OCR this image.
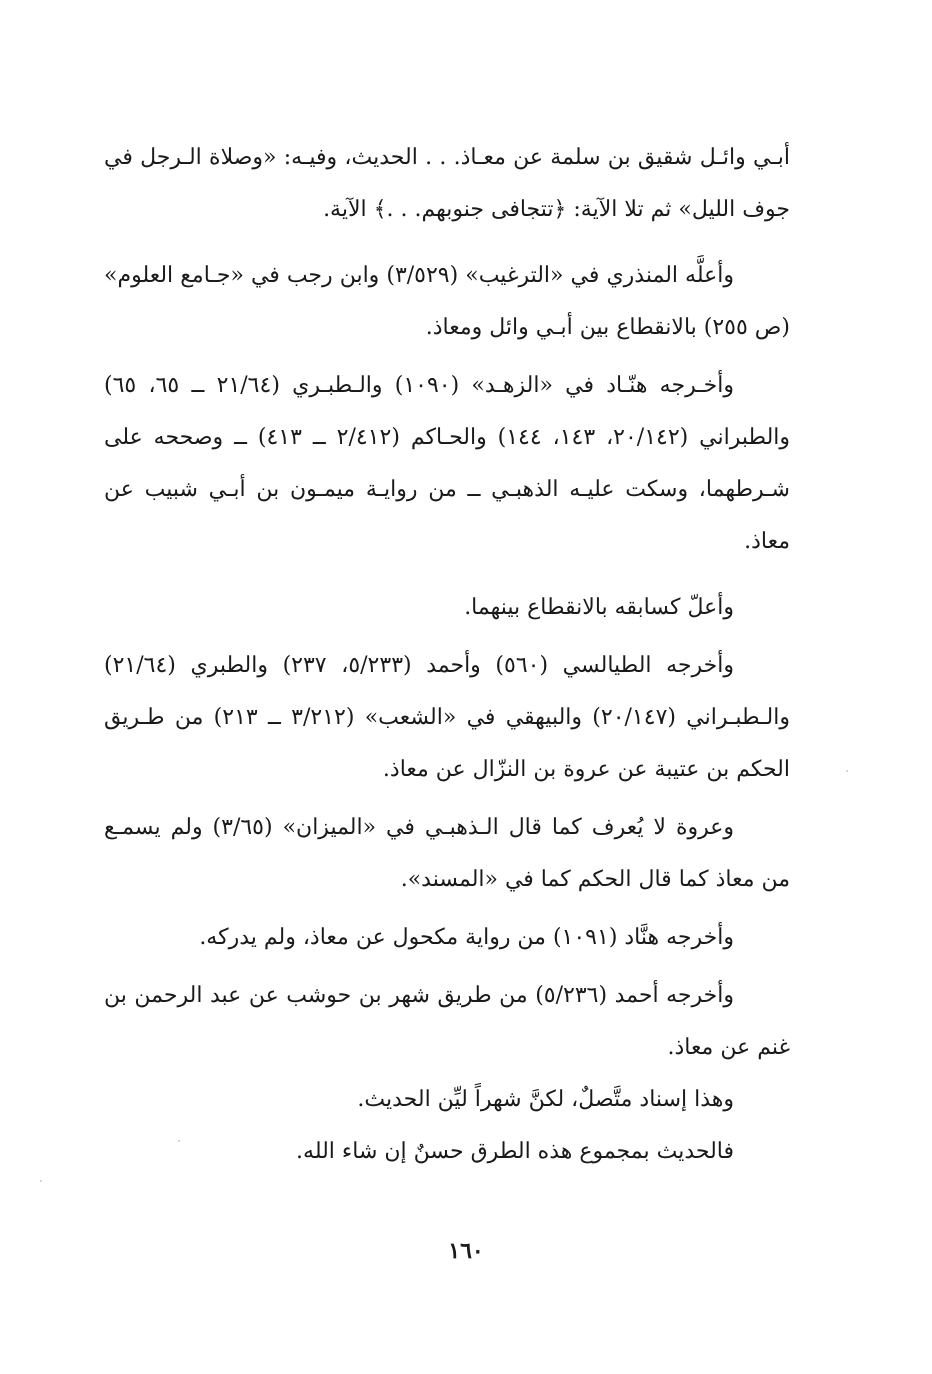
أبـي وائـل شقيق بن سلمة عن معـاذ. . . الحديث، وفيـه: «وصلاة الـرجل في جوف الليل» ثم تلا الآية: ﴿تتجافى جنوبهم. . .﴾ الآية.

وأعلَّه المنذري في «الترغيب» (٣/٥٢٩) وابن رجب في «جـامع العلوم» (ص ٢٥٥) بالانقطاع بين أبـي وائل ومعاذ.

وأخـرجه هنّـاد في «الزهـد» (١٠٩٠) والـطبـري (٢١/٦٤ ــ ٦٥، ٦٥) والطبراني (٢٠/١٤٢، ١٤٣، ١٤٤) والحـاكم (٢/٤١٢ ــ ٤١٣) ــ وصححه على شـرطهما، وسكت عليـه الذهبـي ــ من روايـة ميمـون بن أبـي شبيب عن معاذ.

وأعلّ كسابقه بالانقطاع بينهما.

وأخرجه الطيالسي (٥٦٠) وأحمد (٥/٢٣٣، ٢٣٧) والطبري (٢١/٦٤) والـطبـراني (٢٠/١٤٧) والبيهقي في «الشعب» (٣/٢١٢ ــ ٢١٣) من طـريق الحكم بن عتيبة عن عروة بن النزّال عن معاذ.

وعروة لا يُعرف كما قال الـذهبـي في «الميزان» (٣/٦٥) ولم يسمـع من معاذ كما قال الحكم كما في «المسند».

وأخرجه هنَّاد (١٠٩١) من رواية مكحول عن معاذ، ولم يدركه.

وأخرجه أحمد (٥/٢٣٦) من طريق شهر بن حوشب عن عبد الرحمن بن غنم عن معاذ.

وهذا إسناد متَّصلٌ، لكنَّ شهراً ليِّن الحديث.

فالحديث بمجموع هذه الطرق حسنٌ إن شاء الله.

١٦٠
